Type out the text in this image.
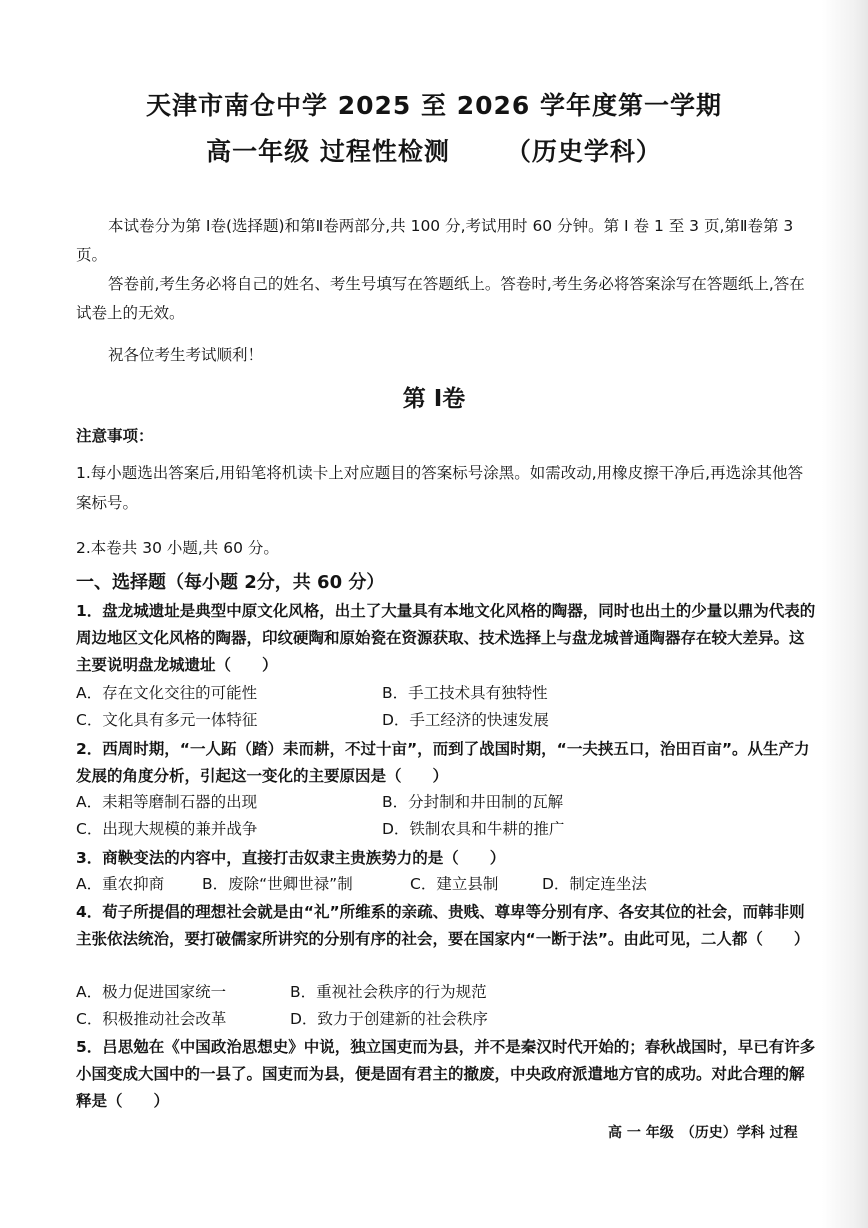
天津市南仓中学 2025 至 2026 学年度第一学期
高一年级 过程性检测 （历史学科）

本试卷分为第 Ⅰ卷(选择题)和第Ⅱ卷两部分,共 100 分,考试用时 60 分钟。第 Ⅰ 卷 1 至 3 页,第Ⅱ卷第 3 页。

答卷前,考生务必将自己的姓名、考生号填写在答题纸上。答卷时,考生务必将答案涂写在答题纸上,答在试卷上的无效。

祝各位考生考试顺利！
第 Ⅰ卷
注意事项：
1.每小题选出答案后,用铅笔将机读卡上对应题目的答案标号涂黑。如需改动,用橡皮擦干净后,再选涂其他答案标号。
2.本卷共 30 小题,共 60 分。
一、选择题（每小题 2分，共 60 分）
1．盘龙城遗址是典型中原文化风格，出土了大量具有本地文化风格的陶器，同时也出土的少量以鼎为代表的周边地区文化风格的陶器，印纹硬陶和原始瓷在资源获取、技术选择上与盘龙城普通陶器存在较大差异。这主要说明盘龙城遗址（　　）
A．存在文化交往的可能性	B．手工技术具有独特性
C．文化具有多元一体特征	D．手工经济的快速发展
2．西周时期，“一人跖（踏）耒而耕，不过十亩”，而到了战国时期，“一夫挟五口，治田百亩”。从生产力发展的角度分析，引起这一变化的主要原因是（　　）
A．耒耜等磨制石器的出现	B．分封制和井田制的瓦解
C．出现大规模的兼并战争	D．铁制农具和牛耕的推广
3．商鞅变法的内容中，直接打击奴隶主贵族势力的是（　　）
A．重农抑商 B．废除“世卿世禄”制	C．建立县制	D．制定连坐法
4．荀子所提倡的理想社会就是由“礼”所维系的亲疏、贵贱、尊卑等分别有序、各安其位的社会，而韩非则主张依法统治，要打破儒家所讲究的分别有序的社会，要在国家内“一断于法”。由此可见，二人都（　　）
A．极力促进国家统一	B．重视社会秩序的行为规范
C．积极推动社会改革	D．致力于创建新的社会秩序
5．吕思勉在《中国政治思想史》中说，独立国吏而为县，并不是秦汉时代开始的；春秋战国时，早已有许多小国变成大国中的一县了。国吏而为县，便是固有君主的撤废，中央政府派遣地方官的成功。对此合理的解释是（　　）
高 一 年级　（历史）学科 过程
